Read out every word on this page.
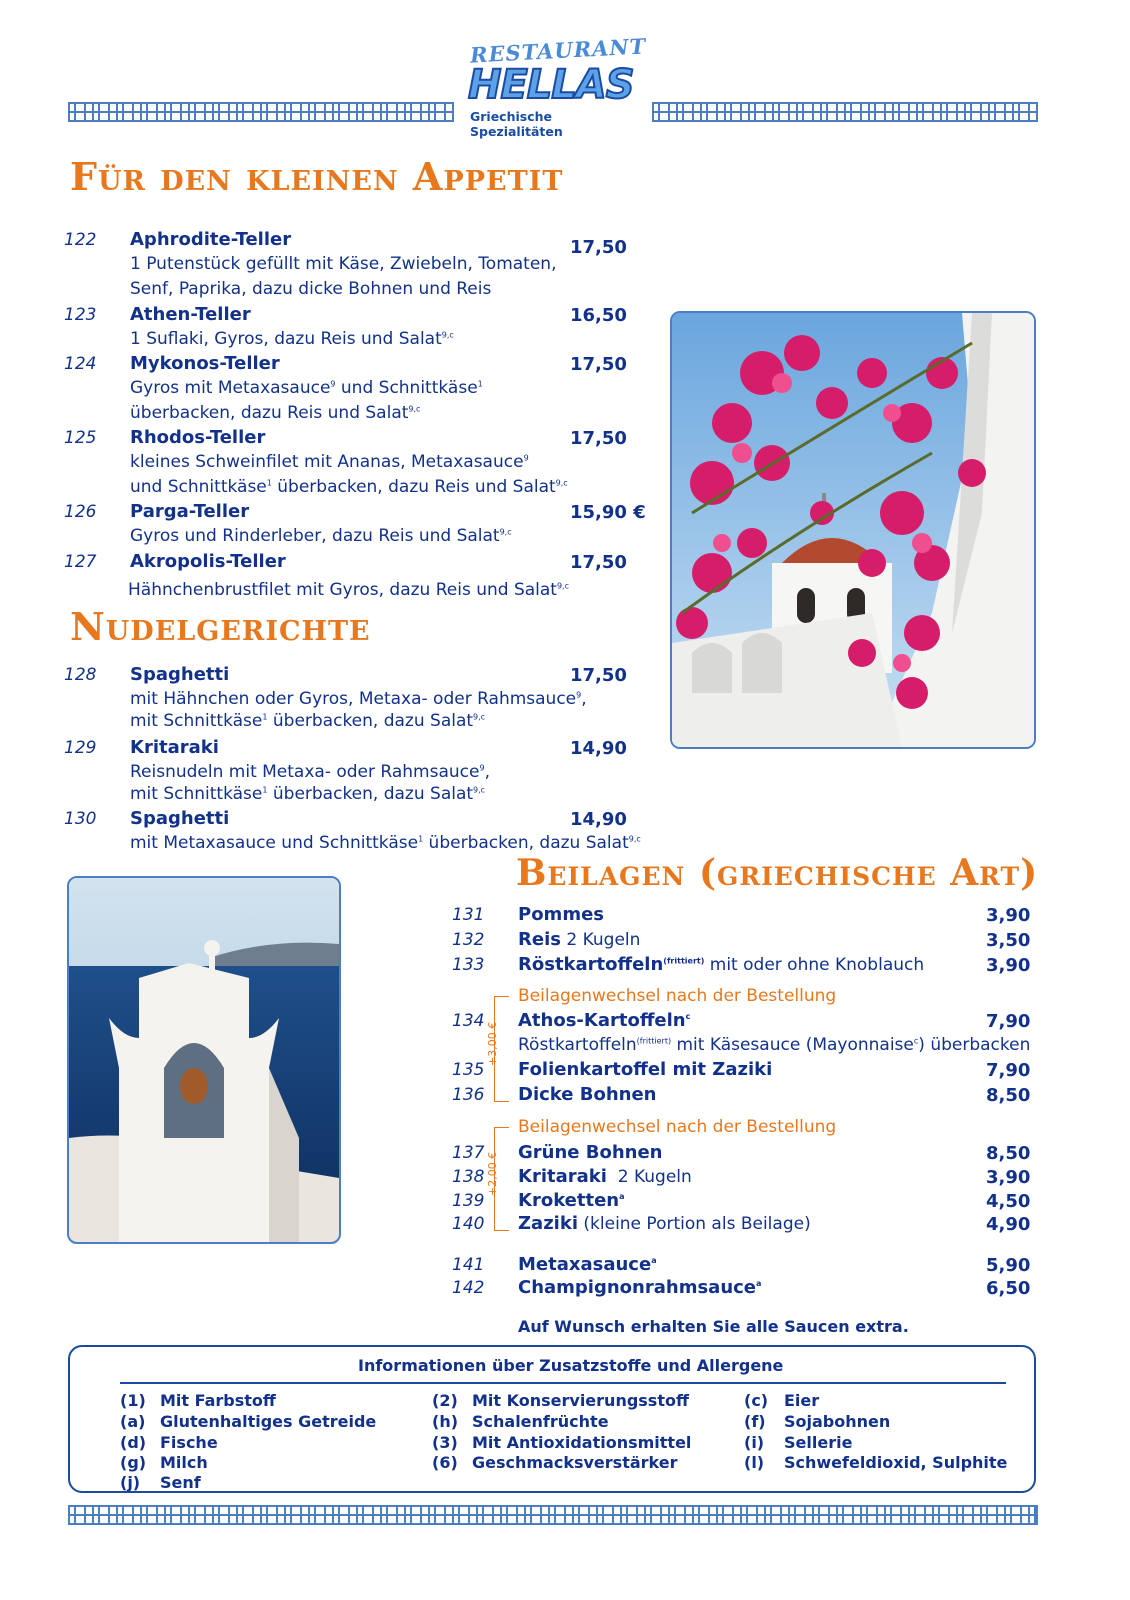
RESTAURANT
HELLAS
Griechische Spezialitäten
Für den kleinen Appetit
122 Aphrodite-Teller	17,50
1 Putenstück gefüllt mit Käse, Zwiebeln, Tomaten,
Senf, Paprika, dazu dicke Bohnen und Reis
123 Athen-Teller	16,50
1 Suflaki, Gyros, dazu Reis und Salat$^{9,c}$
124 Mykonos-Teller	17,50
Gyros mit Metaxasauce$^9$ und Schnittkäse$^1$
überbacken, dazu Reis und Salat$^{9,c}$
125 Rhodos-Teller	17,50
kleines Schweinfilet mit Ananas, Metaxasauce$^9$
und Schnittkäse$^1$ überbacken, dazu Reis und Salat$^{9,c}$
126 Parga-Teller	15,90 €
Gyros und Rinderleber, dazu Reis und Salat$^{9,c}$
127 Akropolis-Teller	17,50
Hähnchenbrustfilet mit Gyros, dazu Reis und Salat$^{9,c}$
Nudelgerichte
128 Spaghetti	17,50
mit Hähnchen oder Gyros, Metaxa- oder Rahmsauce$^9$,
mit Schnittkäse$^1$ überbacken, dazu Salat$^{9,c}$
129 Kritaraki	14,90
Reisnudeln mit Metaxa- oder Rahmsauce$^9$,
mit Schnittkäse$^1$ überbacken, dazu Salat$^{9,c}$
130 Spaghetti	14,90
mit Metaxasauce und Schnittkäse$^1$ überbacken, dazu Salat$^{9,c}$
Beilagen (griechische Art)
131 Pommes	3,90
132 Reis 2 Kugeln	3,50
133 Röstkartoffeln$^{(frittiert)}$ mit oder ohne Knoblauch	3,90
+3,00 €
Beilagenwechsel nach der Bestellung
134 Athos-Kartoffeln$^c$	7,90
Röstkartoffeln$^{(frittiert)}$ mit Käsesauce (Mayonnaise$^c$) überbacken
135 Folienkartoffel mit Zaziki	7,90
136 Dicke Bohnen	8,50
+2,00 €
Beilagenwechsel nach der Bestellung
137 Grüne Bohnen	8,50
138 Kritaraki  2 Kugeln	3,90
139 Kroketten$^a$	4,50
140 Zaziki (kleine Portion als Beilage)	4,90
141 Metaxasauce$^a$	5,90
142 Champignonrahmsauce$^a$	6,50
Auf Wunsch erhalten Sie alle Saucen extra.
Informationen über Zusatzstoffe und Allergene
(1) Mit Farbstoff
(a) Glutenhaltiges Getreide
(d) Fische
(g) Milch
(j) Senf
(2) Mit Konservierungsstoff
(h) Schalenfrüchte
(3) Mit Antioxidationsmittel
(6) Geschmacksverstärker
(c) Eier
(f) Sojabohnen
(i) Sellerie
(l) Schwefeldioxid, Sulphite
